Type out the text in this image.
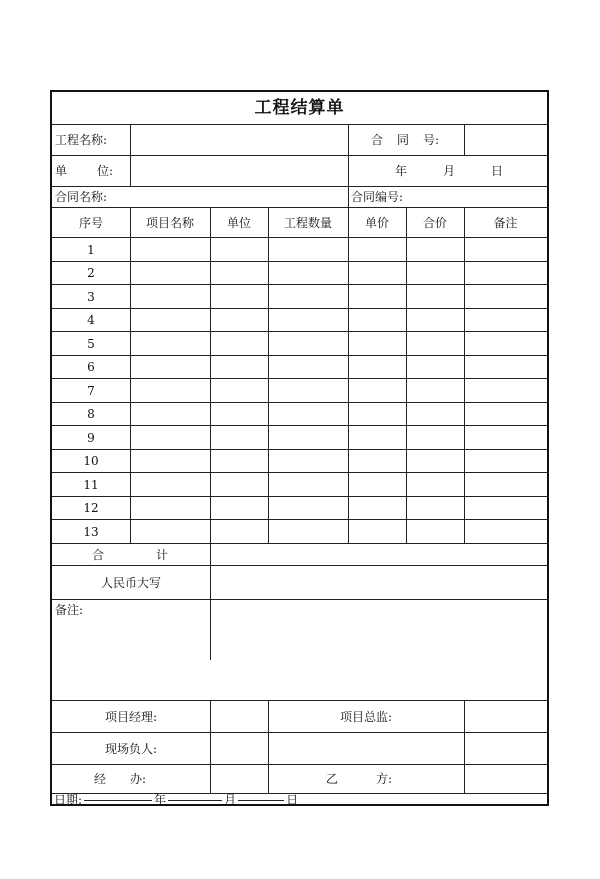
工程结算单
工程名称:	合 同 号:
单	位:	年	月	日
合同名称:	合同编号:
序号	项目名称	单位	工程数量	单价	合价	备注
1
2
3
4
5
6
7
8
9
10
11
12
13
合	计
人民币大写
备注:
项目经理:	项目总监:
现场负人:
经 办:	乙	方:
日期:	年	月	日
